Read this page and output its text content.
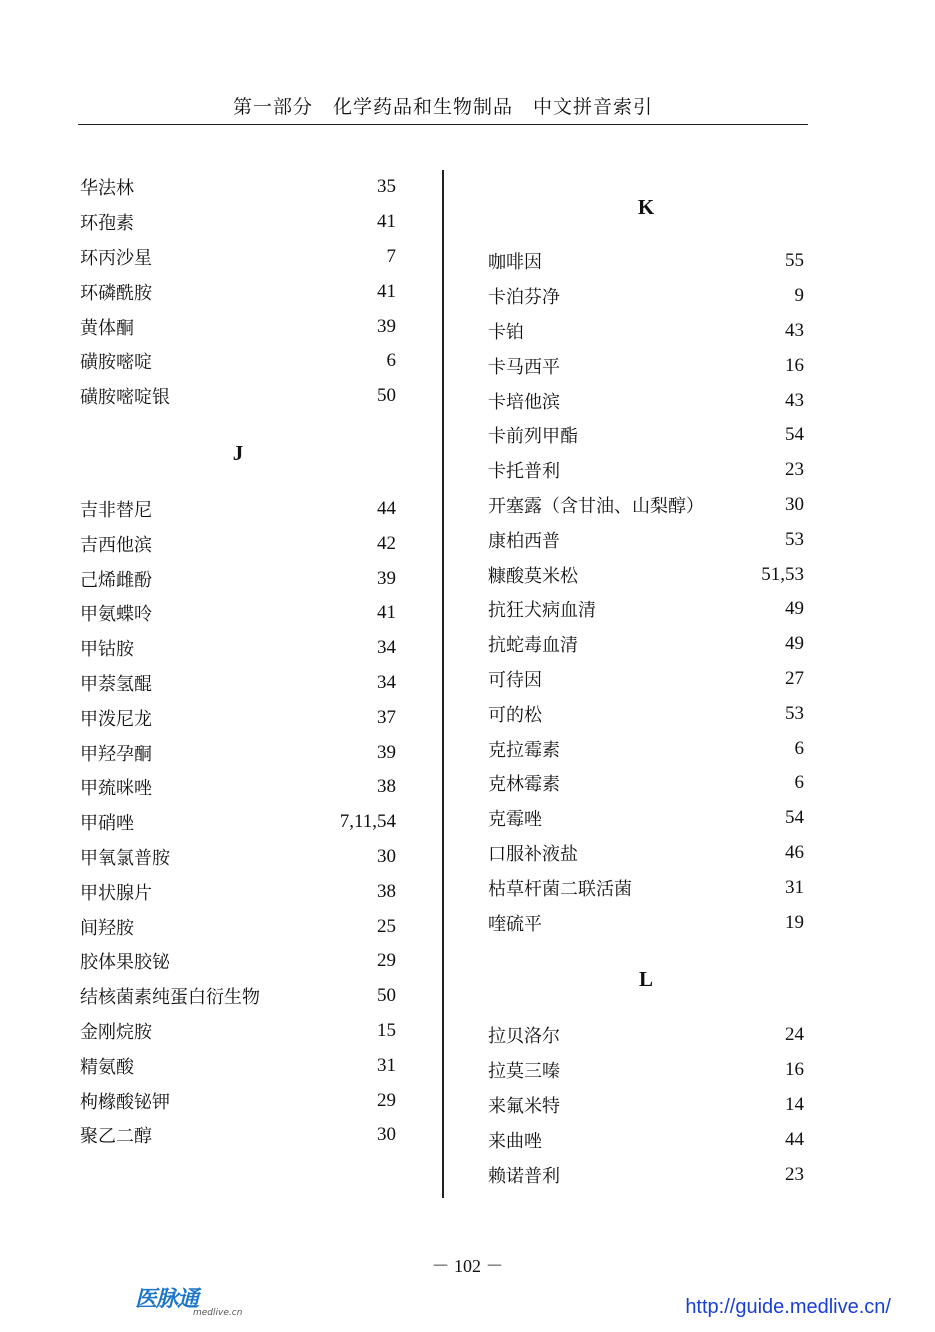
第一部分　化学药品和生物制品　中文拼音索引
华法林	35
环孢素	41
环丙沙星	7
环磷酰胺	41
黄体酮	39
磺胺嘧啶	6
磺胺嘧啶银	50
J
吉非替尼	44
吉西他滨	42
己烯雌酚	39
甲氨蝶呤	41
甲钴胺	34
甲萘氢醌	34
甲泼尼龙	37
甲羟孕酮	39
甲巯咪唑	38
甲硝唑	7,11,54
甲氧氯普胺	30
甲状腺片	38
间羟胺	25
胶体果胶铋	29
结核菌素纯蛋白衍生物	50
金刚烷胺	15
精氨酸	31
枸橼酸铋钾	29
聚乙二醇	30
K
咖啡因	55
卡泊芬净	9
卡铂	43
卡马西平	16
卡培他滨	43
卡前列甲酯	54
卡托普利	23
开塞露（含甘油、山梨醇）	30
康柏西普	53
糠酸莫米松	51,53
抗狂犬病血清	49
抗蛇毒血清	49
可待因	27
可的松	53
克拉霉素	6
克林霉素	6
克霉唑	54
口服补液盐	46
枯草杆菌二联活菌	31
喹硫平	19
L
拉贝洛尔	24
拉莫三嗪	16
来氟米特	14
来曲唑	44
赖诺普利	23
－ 102 －
医脉通
medlive.cn	http://guide.medlive.cn/
